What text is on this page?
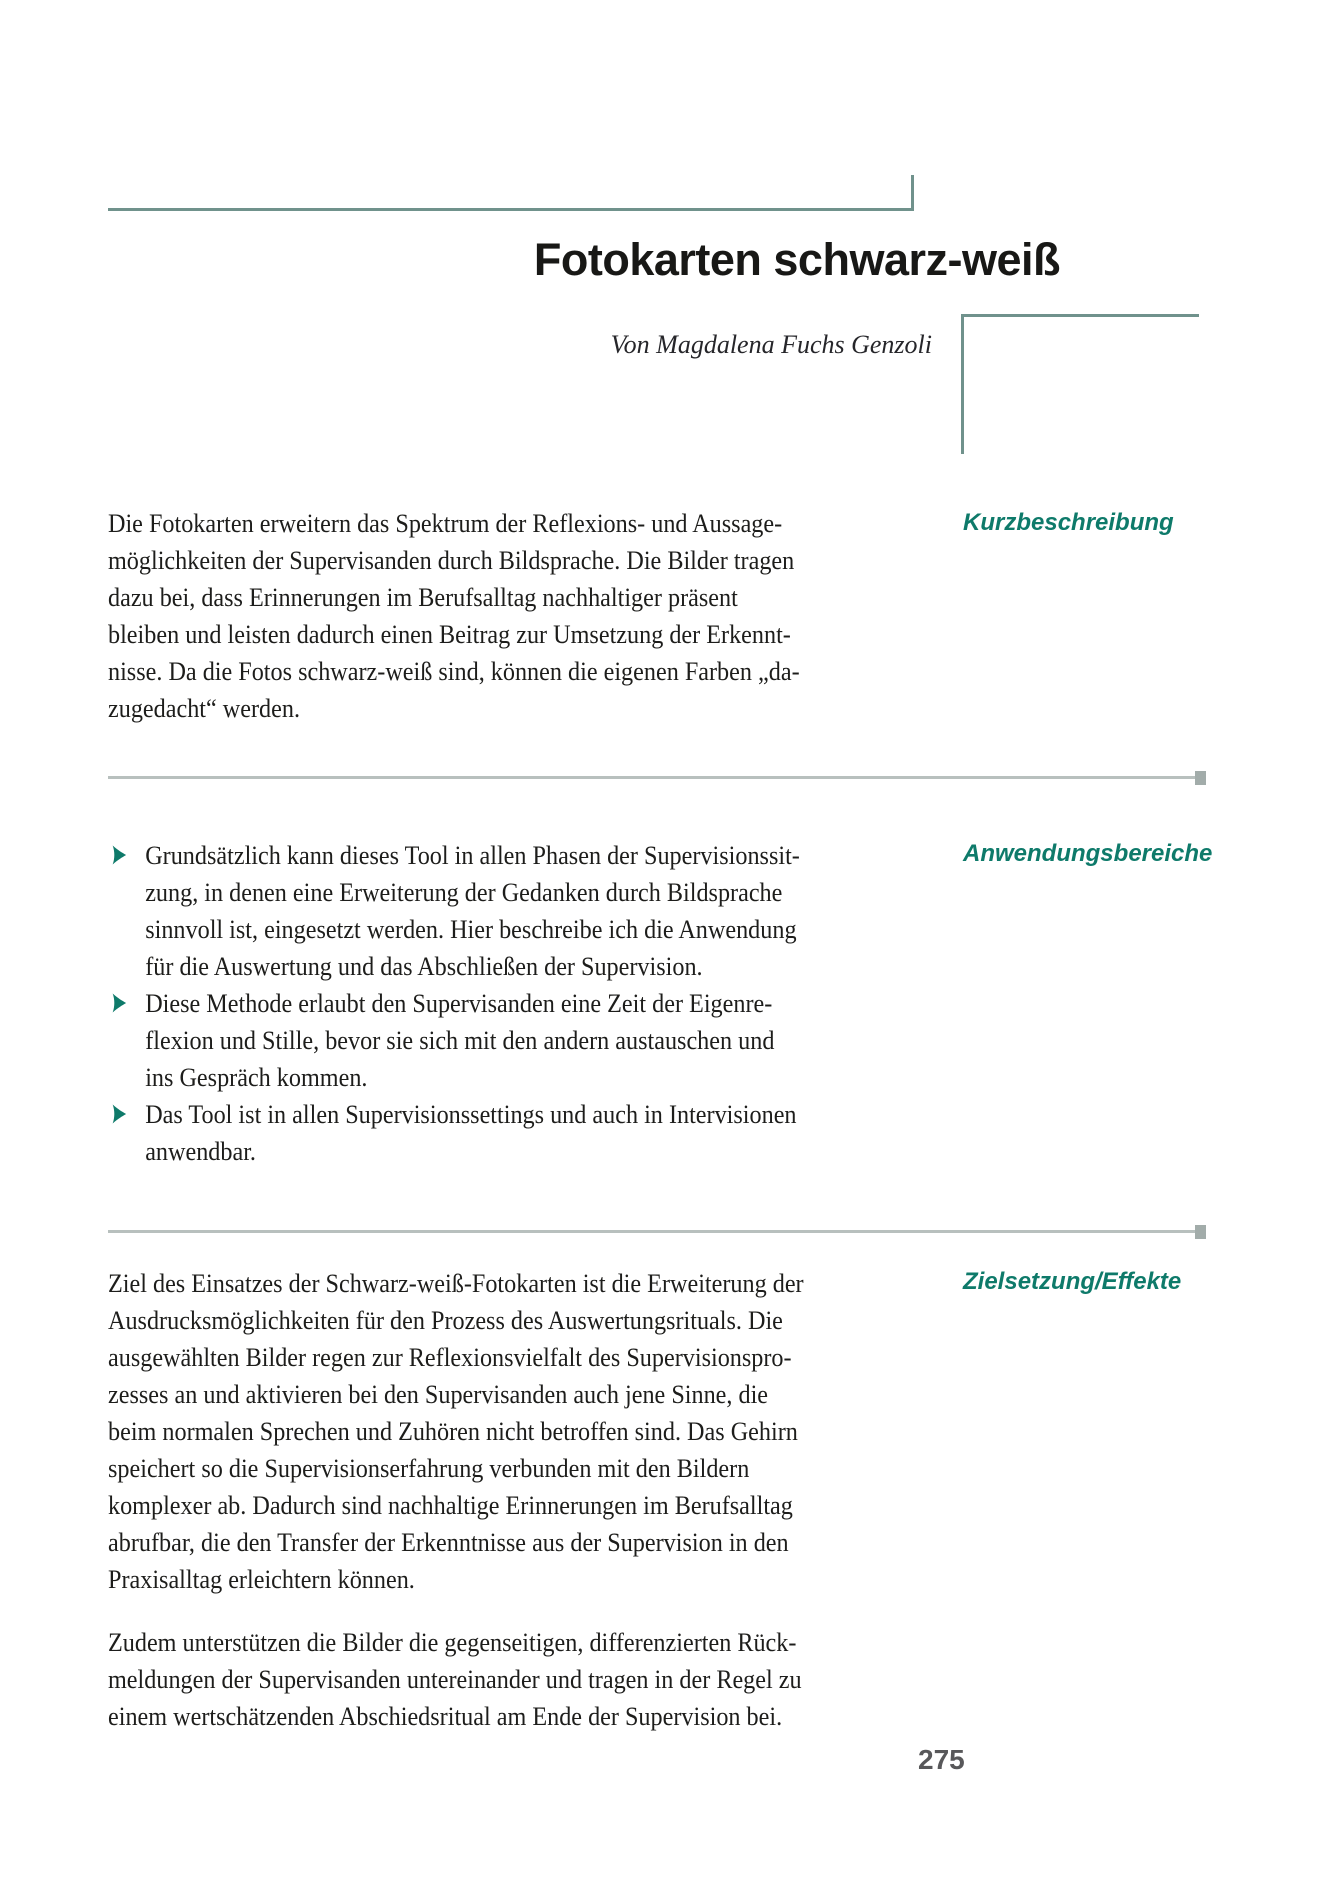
Fotokarten schwarz-weiß
Von Magdalena Fuchs Genzoli
Die Fotokarten erweitern das Spektrum der Reflexions- und Aussage-
möglichkeiten der Supervisanden durch Bildsprache. Die Bilder tragen
dazu bei, dass Erinnerungen im Berufsalltag nachhaltiger präsent
bleiben und leisten dadurch einen Beitrag zur Umsetzung der Erkennt-
nisse. Da die Fotos schwarz-weiß sind, können die eigenen Farben „da-
zugedacht“ werden.
Kurzbeschreibung
Grundsätzlich kann dieses Tool in allen Phasen der Supervisionssit-
zung, in denen eine Erweiterung der Gedanken durch Bildsprache
sinnvoll ist, eingesetzt werden. Hier beschreibe ich die Anwendung
für die Auswertung und das Abschließen der Supervision.
Diese Methode erlaubt den Supervisanden eine Zeit der Eigenre-
flexion und Stille, bevor sie sich mit den andern austauschen und
ins Gespräch kommen.
Das Tool ist in allen Supervisionssettings und auch in Intervisionen
anwendbar.
Anwendungsbereiche
Ziel des Einsatzes der Schwarz-weiß-Fotokarten ist die Erweiterung der
Ausdrucksmöglichkeiten für den Prozess des Auswertungsrituals. Die
ausgewählten Bilder regen zur Reflexionsvielfalt des Supervisionspro-
zesses an und aktivieren bei den Supervisanden auch jene Sinne, die
beim normalen Sprechen und Zuhören nicht betroffen sind. Das Gehirn
speichert so die Supervisionserfahrung verbunden mit den Bildern
komplexer ab. Dadurch sind nachhaltige Erinnerungen im Berufsalltag
abrufbar, die den Transfer der Erkenntnisse aus der Supervision in den
Praxisalltag erleichtern können.
Zudem unterstützen die Bilder die gegenseitigen, differenzierten Rück-
meldungen der Supervisanden untereinander und tragen in der Regel zu
einem wertschätzenden Abschiedsritual am Ende der Supervision bei.
Zielsetzung/Effekte
275
